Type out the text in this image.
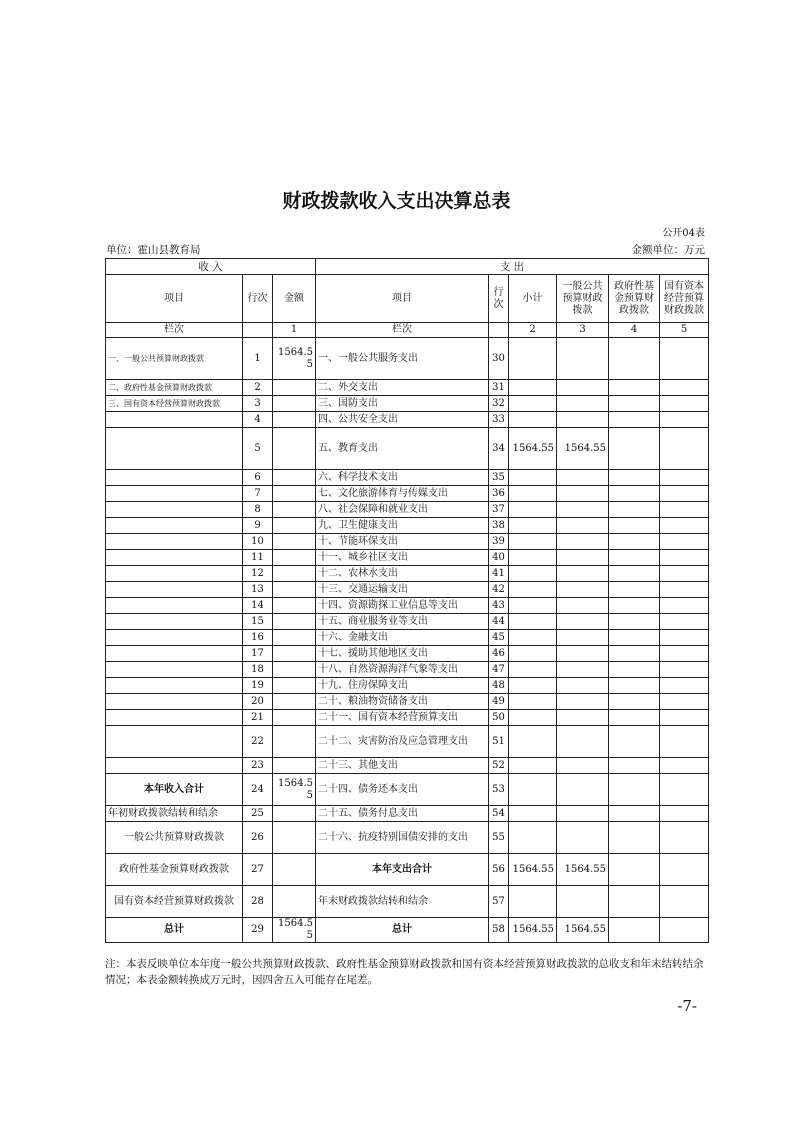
财政拨款收入支出决算总表
公开04表
单位：霍山县教育局	金额单位：万元
收 入			支 出					
项目	行次	金额	项目	行次	小计	一般公共预算财政拨款	政府性基金预算财政拨款	国有资本经营预算财政拨款
栏次		1	栏次		2	3	4	5
一、一般公共预算财政拨款	1	1564.55	一、一般公共服务支出	30				
二、政府性基金预算财政拨款	2		二、外交支出	31				
三、国有资本经营预算财政拨款	3		三、国防支出	32				
	4		四、公共安全支出	33				
	5		五、教育支出	34	1564.55	1564.55		
	6		六、科学技术支出	35				
	7		七、文化旅游体育与传媒支出	36				
	8		八、社会保障和就业支出	37				
	9		九、卫生健康支出	38				
	10		十、节能环保支出	39				
	11		十一、城乡社区支出	40				
	12		十二、农林水支出	41				
	13		十三、交通运输支出	42				
	14		十四、资源勘探工业信息等支出	43				
	15		十五、商业服务业等支出	44				
	16		十六、金融支出	45				
	17		十七、援助其他地区支出	46				
	18		十八、自然资源海洋气象等支出	47				
	19		十九、住房保障支出	48				
	20		二十、粮油物资储备支出	49				
	21		二十一、国有资本经营预算支出	50				
	22		二十二、灾害防治及应急管理支出	51				
	23		二十三、其他支出	52				
本年收入合计	24	1564.55	二十四、债务还本支出	53				
年初财政拨款结转和结余	25		二十五、债务付息支出	54				
一般公共预算财政拨款	26		二十六、抗疫特别国债安排的支出	55				
政府性基金预算财政拨款	27		本年支出合计	56	1564.55	1564.55		
国有资本经营预算财政拨款	28		年末财政拨款结转和结余	57				
总计	29	1564.55	总计	58	1564.55	1564.55		
注：本表反映单位本年度一般公共预算财政拨款、政府性基金预算财政拨款和国有资本经营预算财政拨款的总收支和年末结转结余情况；本表金额转换成万元时，因四舍五入可能存在尾差。
-7-
